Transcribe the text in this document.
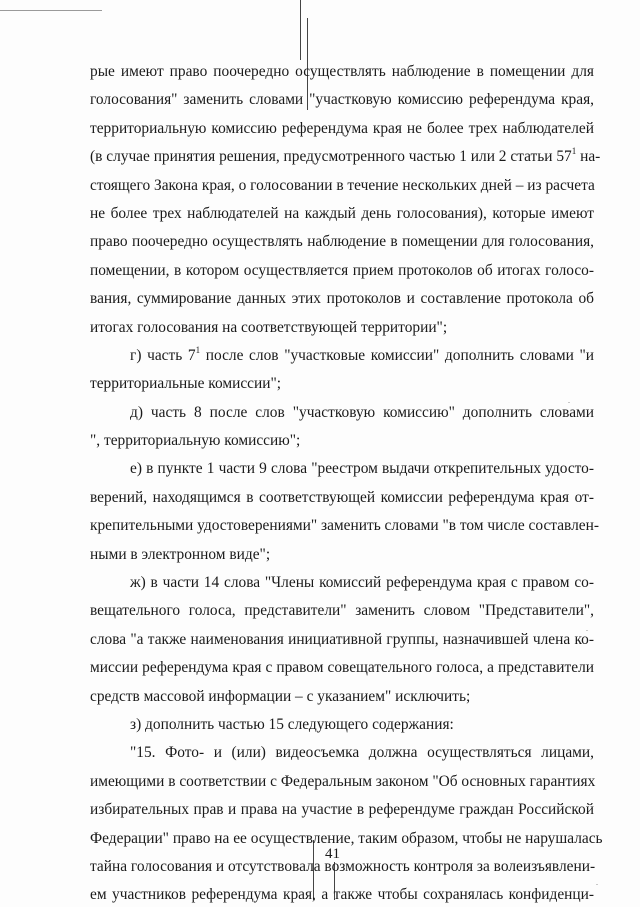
рые имеют право поочередно осуществлять наблюдение в помещении для
голосования" заменить словами "участковую комиссию референдума края,
территориальную комиссию референдума края не более трех наблюдателей
(в случае принятия решения, предусмотренного частью 1 или 2 статьи $57^1$ на-
стоящего Закона края, о голосовании в течение нескольких дней – из расчета
не более трех наблюдателей на каждый день голосования), которые имеют
право поочередно осуществлять наблюдение в помещении для голосования,
помещении, в котором осуществляется прием протоколов об итогах голосо-
вания, суммирование данных этих протоколов и составление протокола об
итогах голосования на соответствующей территории";
г) часть $7^1$ после слов "участковые комиссии" дополнить словами "и
территориальные комиссии";
д) часть 8 после слов "участковую комиссию" дополнить словами
", территориальную комиссию";
е) в пункте 1 части 9 слова "реестром выдачи открепительных удосто-
верений, находящимся в соответствующей комиссии референдума края от-
крепительными удостоверениями" заменить словами "в том числе составлен-
ными в электронном виде";
ж) в части 14 слова "Члены комиссий референдума края с правом со-
вещательного голоса, представители" заменить словом "Представители",
слова "а также наименования инициативной группы, назначившей члена ко-
миссии референдума края с правом совещательного голоса, а представители
средств массовой информации – с указанием" исключить;
з) дополнить частью 15 следующего содержания:
"15. Фото- и (или) видеосъемка должна осуществляться лицами,
имеющими в соответствии с Федеральным законом "Об основных гарантиях
избирательных прав и права на участие в референдуме граждан Российской
Федерации" право на ее осуществление, таким образом, чтобы не нарушалась
тайна голосования и отсутствовала возможность контроля за волеизъявлени-
ем участников референдума края, а также чтобы сохранялась конфиденци-
41
